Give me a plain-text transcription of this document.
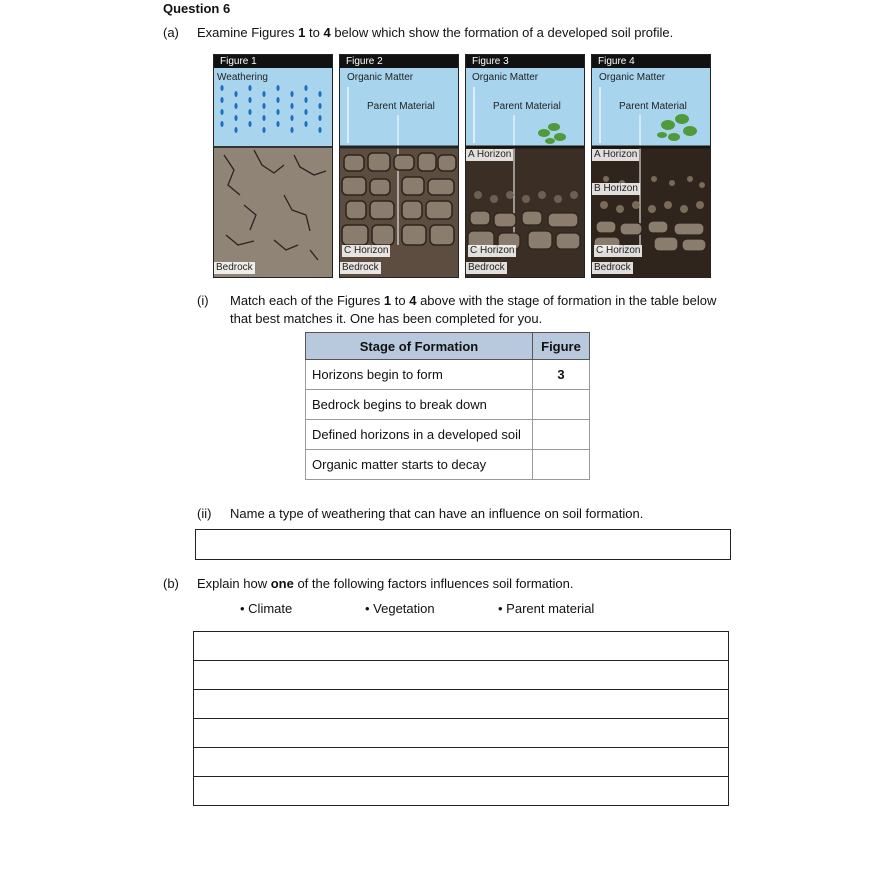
Question 6
(a) Examine Figures 1 to 4 below which show the formation of a developed soil profile.
Figure 1
Weathering
Bedrock
Figure 2
Organic Matter
Parent Material
C Horizon
Bedrock
Figure 3
Organic Matter
Parent Material
A Horizon
C Horizon
Bedrock
Figure 4
Organic Matter
Parent Material
A Horizon
B Horizon
C Horizon
Bedrock
(i) Match each of the Figures 1 to 4 above with the stage of formation in the table below
that best matches it. One has been completed for you.
Stage of Formation	Figure
Horizons begin to form	3
Bedrock begins to break down	
Defined horizons in a developed soil	
Organic matter starts to decay	
(ii) Name a type of weathering that can have an influence on soil formation.
(b) Explain how one of the following factors influences soil formation.
• Climate	• Vegetation	• Parent material
